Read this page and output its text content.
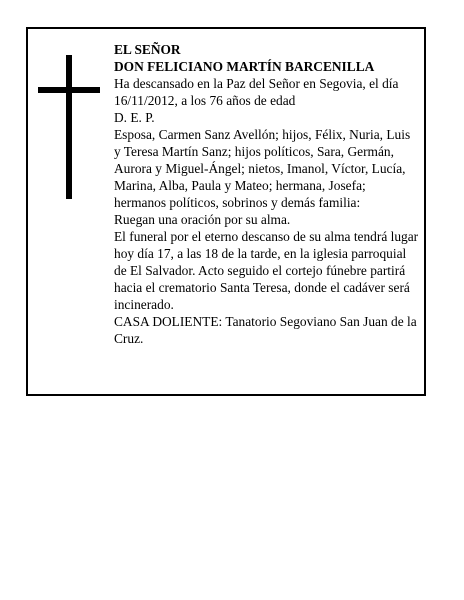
EL SEÑOR

DON FELICIANO MARTÍN BARCENILLA

Ha descansado en la Paz del Señor en Segovia, el día 16/11/2012, a los 76 años de edad

D. E. P.

Esposa, Carmen Sanz Avellón; hijos, Félix, Nuria, Luis y Teresa Martín Sanz; hijos políticos, Sara, Germán, Aurora y Miguel-Ángel; nietos, Imanol, Víctor, Lucía, Marina, Alba, Paula y Mateo; hermana, Josefa; hermanos políticos, sobrinos y demás familia:

Ruegan una oración por su alma.

El funeral por el eterno descanso de su alma tendrá lugar hoy día 17, a las 18 de la tarde, en la iglesia parroquial de El Salvador. Acto seguido el cortejo fúnebre partirá hacia el crematorio Santa Teresa, donde el cadáver será incinerado.

CASA DOLIENTE: Tanatorio Segoviano San Juan de la Cruz.
